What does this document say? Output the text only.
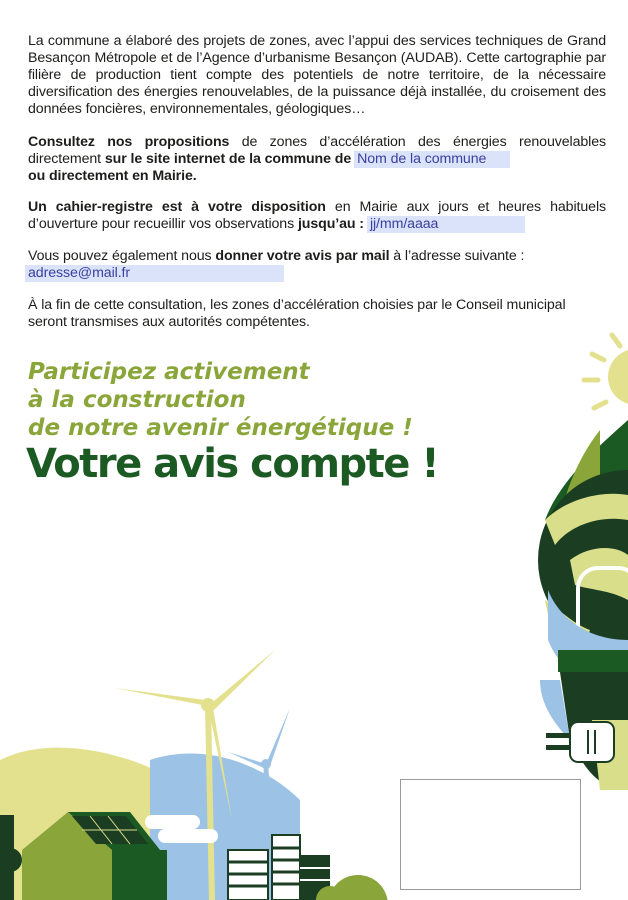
La commune a élaboré des projets de zones, avec l’appui des services techniques de Grand Besançon Métropole et de l’Agence d’urbanisme Besançon (AUDAB). Cette cartographie par filière de production tient compte des potentiels de notre territoire, de la nécessaire diversification des énergies renouvelables, de la puissance déjà installée, du croisement des données foncières, environnementales, géologiques…
Consultez nos propositions de zones d’accélération des énergies renouvelables directement sur le site internet de la commune de Nom de la commune
ou directement en Mairie.
Un cahier-registre est à votre disposition en Mairie aux jours et heures habituels d’ouverture pour recueillir vos observations jusqu’au : jj/mm/aaaa
Vous pouvez également nous donner votre avis par mail à l’adresse suivante :
adresse@mail.fr
À la fin de cette consultation, les zones d’accélération choisies par le Conseil municipal seront transmises aux autorités compétentes.
Participez activement
à la construction
de notre avenir énergétique !
Votre avis compte !
